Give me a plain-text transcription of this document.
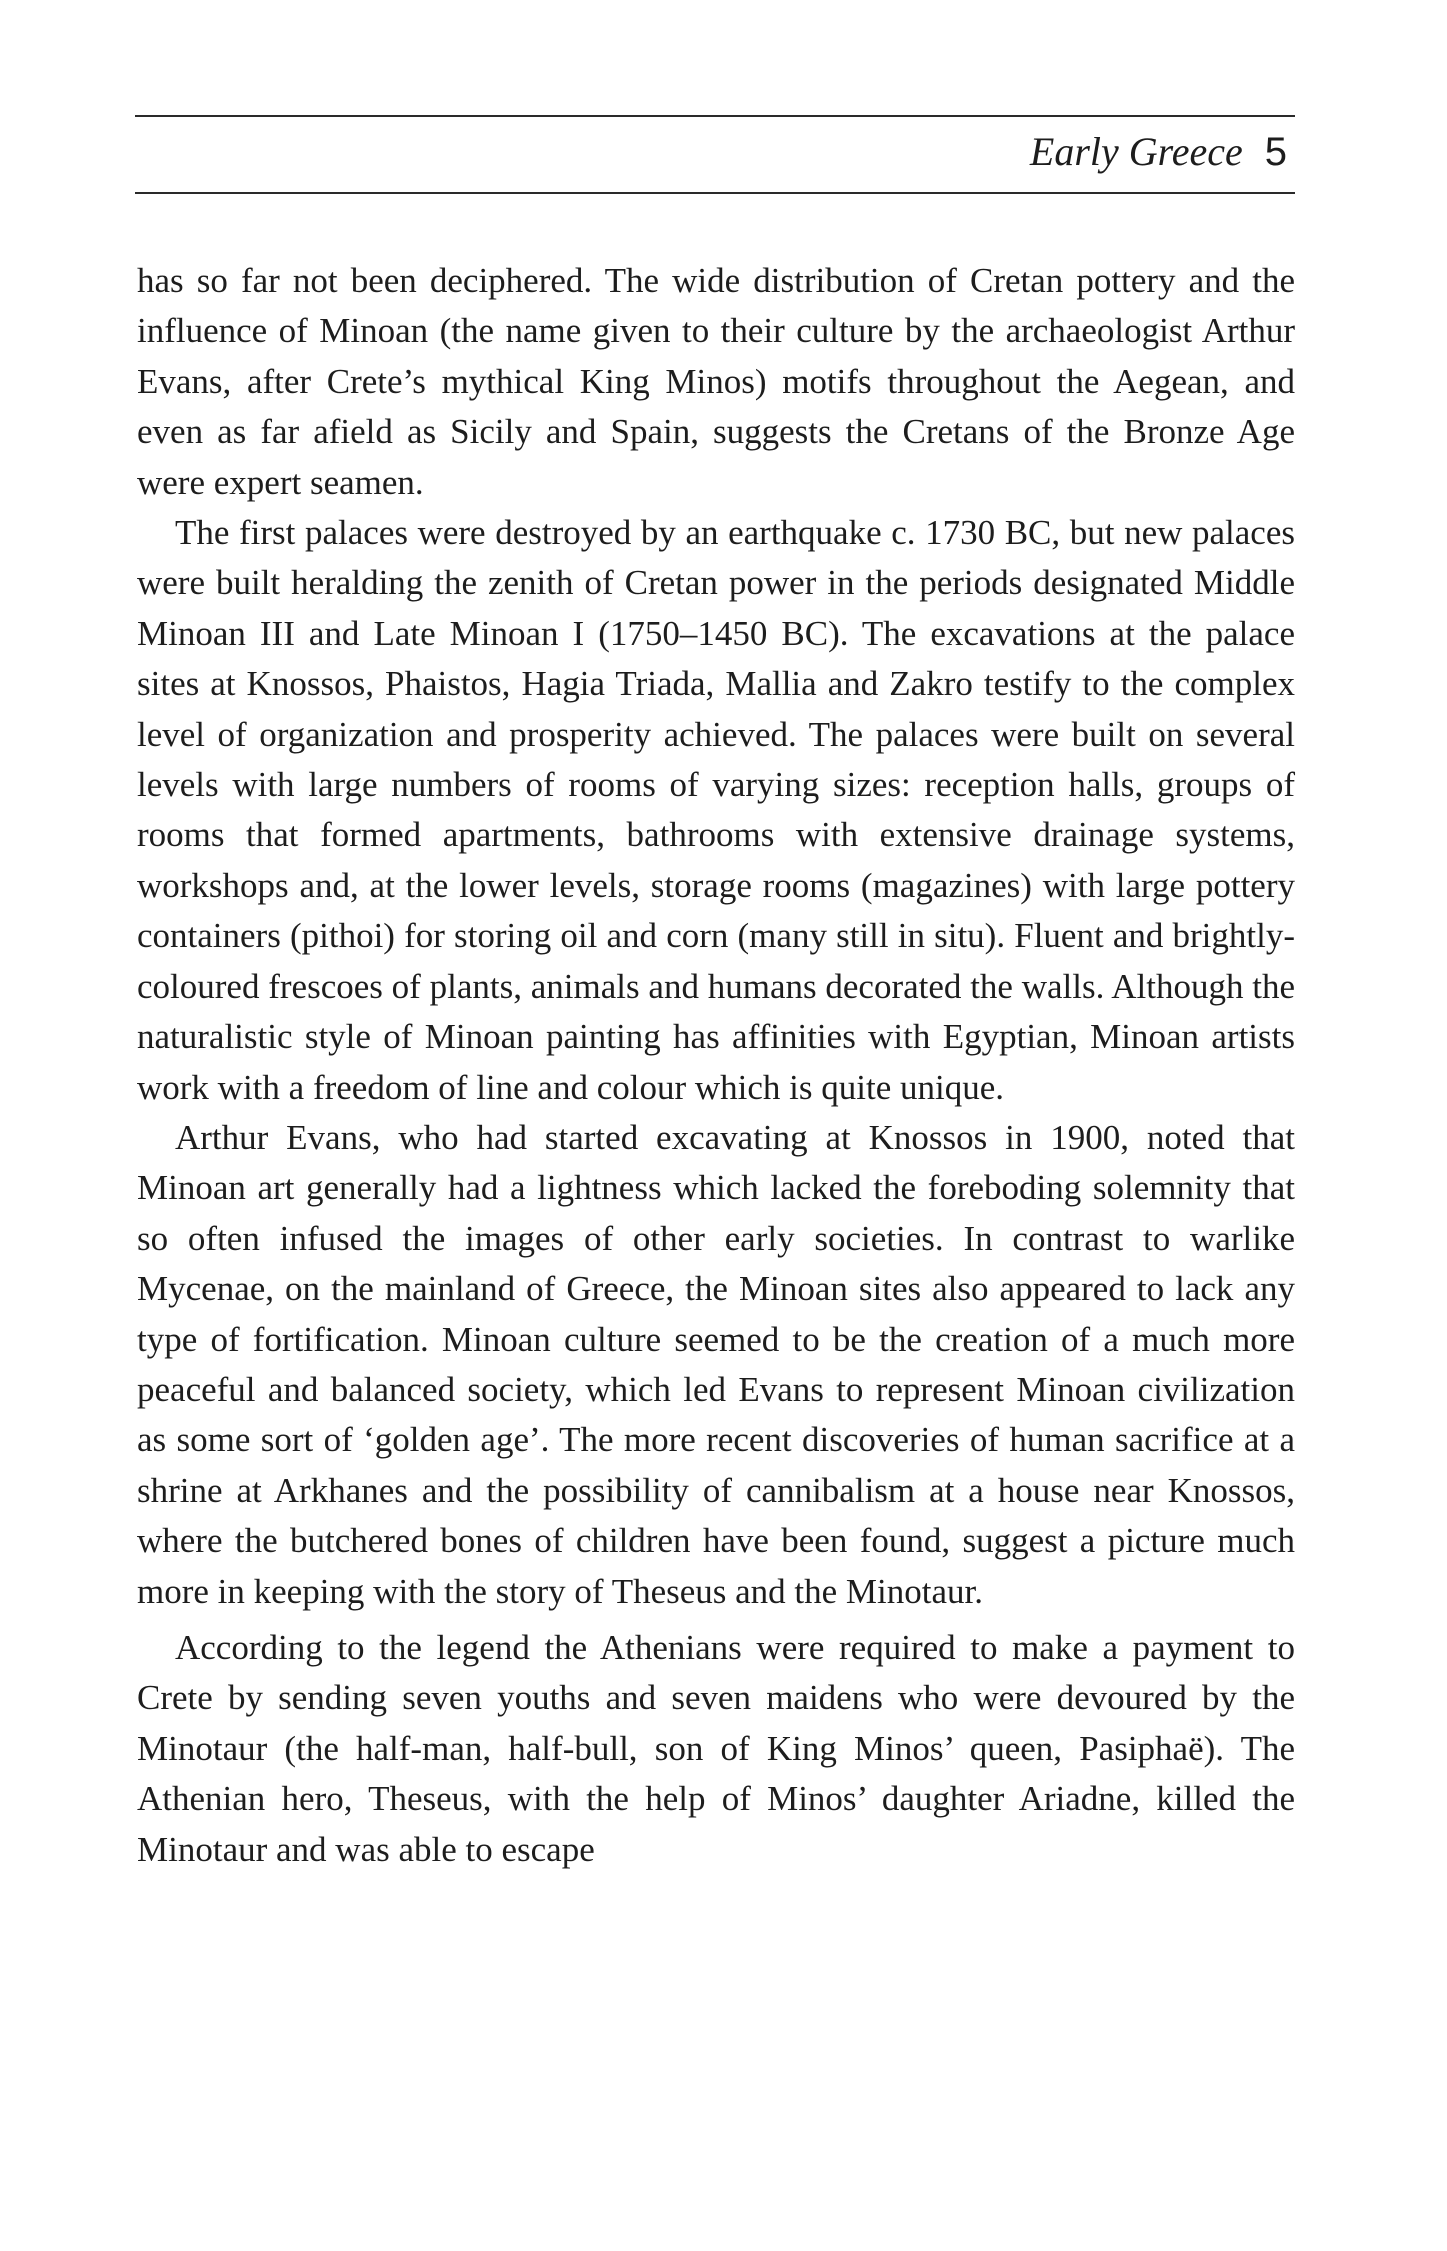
Early Greece 5

has so far not been deciphered. The wide distribution of Cretan pottery and the influence of Minoan (the name given to their culture by the archaeologist Arthur Evans, after Crete’s mythical King Minos) motifs throughout the Aegean, and even as far afield as Sicily and Spain, suggests the Cretans of the Bronze Age were expert seamen.

The first palaces were destroyed by an earthquake c. 1730 BC, but new palaces were built heralding the zenith of Cretan power in the periods designated Middle Minoan III and Late Minoan I (1750–1450 BC). The excavations at the palace sites at Knossos, Phaistos, Hagia Triada, Mallia and Zakro testify to the complex level of organization and prosperity achieved. The palaces were built on several levels with large numbers of rooms of varying sizes: reception halls, groups of rooms that formed apartments, bathrooms with extensive drainage systems, workshops and, at the lower levels, storage rooms (magazines) with large pottery containers (pithoi) for storing oil and corn (many still in situ). Fluent and brightly-coloured frescoes of plants, animals and humans decorated the walls. Although the naturalistic style of Minoan painting has affinities with Egyptian, Minoan artists work with a freedom of line and colour which is quite unique.

Arthur Evans, who had started excavating at Knossos in 1900, noted that Minoan art generally had a lightness which lacked the foreboding solemnity that so often infused the images of other early societies. In contrast to warlike Mycenae, on the mainland of Greece, the Minoan sites also appeared to lack any type of fortification. Minoan culture seemed to be the creation of a much more peaceful and balanced society, which led Evans to represent Minoan civilization as some sort of ‘golden age’. The more recent discoveries of human sacrifice at a shrine at Arkhanes and the possibility of cannibalism at a house near Knossos, where the butchered bones of children have been found, suggest a picture much more in keeping with the story of Theseus and the Minotaur.

According to the legend the Athenians were required to make a payment to Crete by sending seven youths and seven maidens who were devoured by the Minotaur (the half-man, half-bull, son of King Minos’ queen, Pasiphaë). The Athenian hero, Theseus, with the help of Minos’ daughter Ariadne, killed the Minotaur and was able to escape
